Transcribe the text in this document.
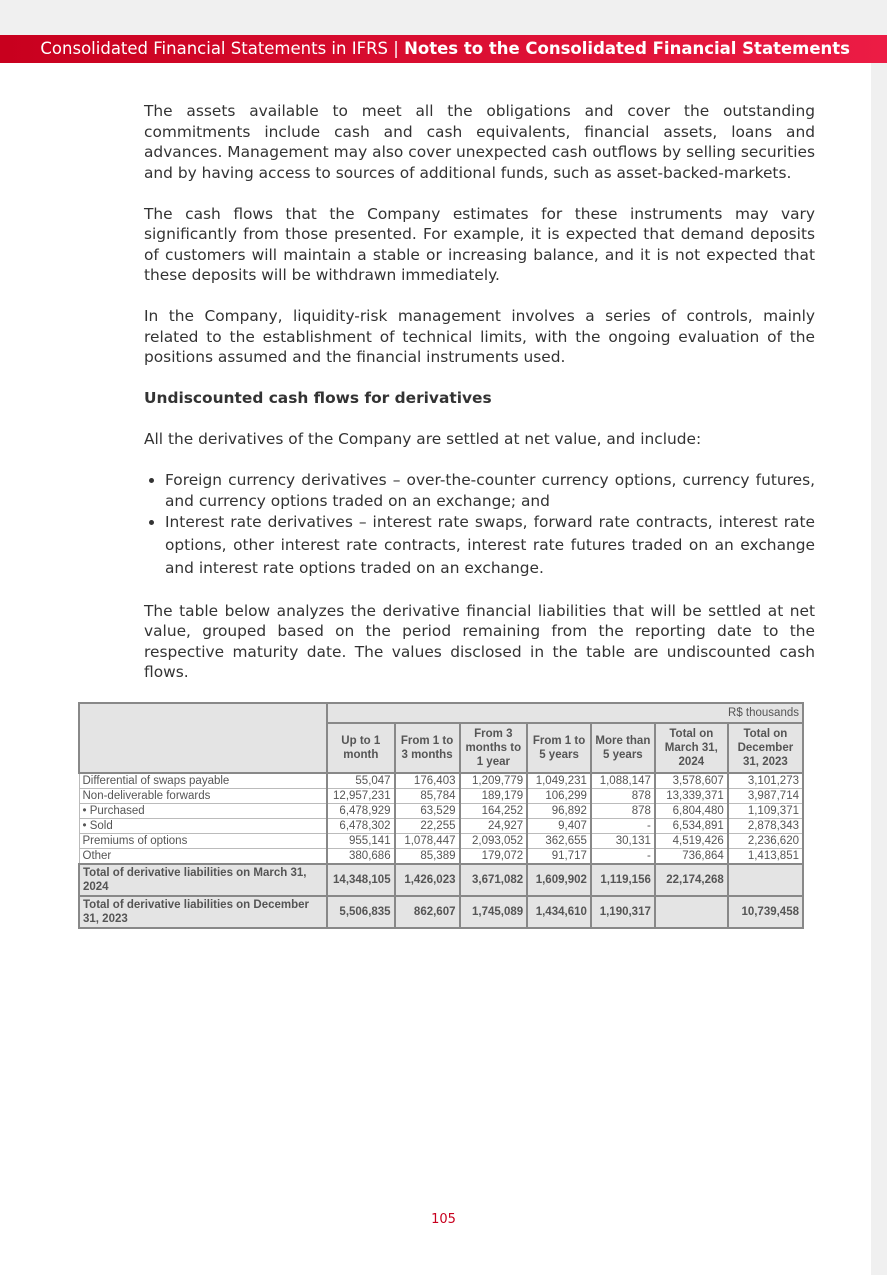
Consolidated Financial Statements in IFRS | Notes to the Consolidated Financial Statements

The assets available to meet all the obligations and cover the outstanding commitments include cash and cash equivalents, financial assets, loans and advances. Management may also cover unexpected cash outflows by selling securities and by having access to sources of additional funds, such as asset-backed-markets.

The cash flows that the Company estimates for these instruments may vary significantly from those presented. For example, it is expected that demand deposits of customers will maintain a stable or increasing balance, and it is not expected that these deposits will be withdrawn immediately.

In the Company, liquidity-risk management involves a series of controls, mainly related to the establishment of technical limits, with the ongoing evaluation of the positions assumed and the financial instruments used.

Undiscounted cash flows for derivatives

All the derivatives of the Company are settled at net value, and include:

• Foreign currency derivatives – over-the-counter currency options, currency futures, and currency options traded on an exchange; and
• Interest rate derivatives – interest rate swaps, forward rate contracts, interest rate options, other interest rate contracts, interest rate futures traded on an exchange and interest rate options traded on an exchange.

The table below analyzes the derivative financial liabilities that will be settled at net value, grouped based on the period remaining from the reporting date to the respective maturity date. The values disclosed in the table are undiscounted cash flows.

	R$ thousands						
	Up to 1 month	From 1 to 3 months	From 3 months to 1 year	From 1 to 5 years	More than 5 years	Total on March 31, 2024	Total on December 31, 2023
Differential of swaps payable	55,047	176,403	1,209,779	1,049,231	1,088,147	3,578,607	3,101,273
Non-deliverable forwards	12,957,231	85,784	189,179	106,299	878	13,339,371	3,987,714
• Purchased	6,478,929	63,529	164,252	96,892	878	6,804,480	1,109,371
• Sold	6,478,302	22,255	24,927	9,407	-	6,534,891	2,878,343
Premiums of options	955,141	1,078,447	2,093,052	362,655	30,131	4,519,426	2,236,620
Other	380,686	85,389	179,072	91,717	-	736,864	1,413,851
Total of derivative liabilities on March 31, 2024	14,348,105	1,426,023	3,671,082	1,609,902	1,119,156	22,174,268	
Total of derivative liabilities on December 31, 2023	5,506,835	862,607	1,745,089	1,434,610	1,190,317		10,739,458
105
